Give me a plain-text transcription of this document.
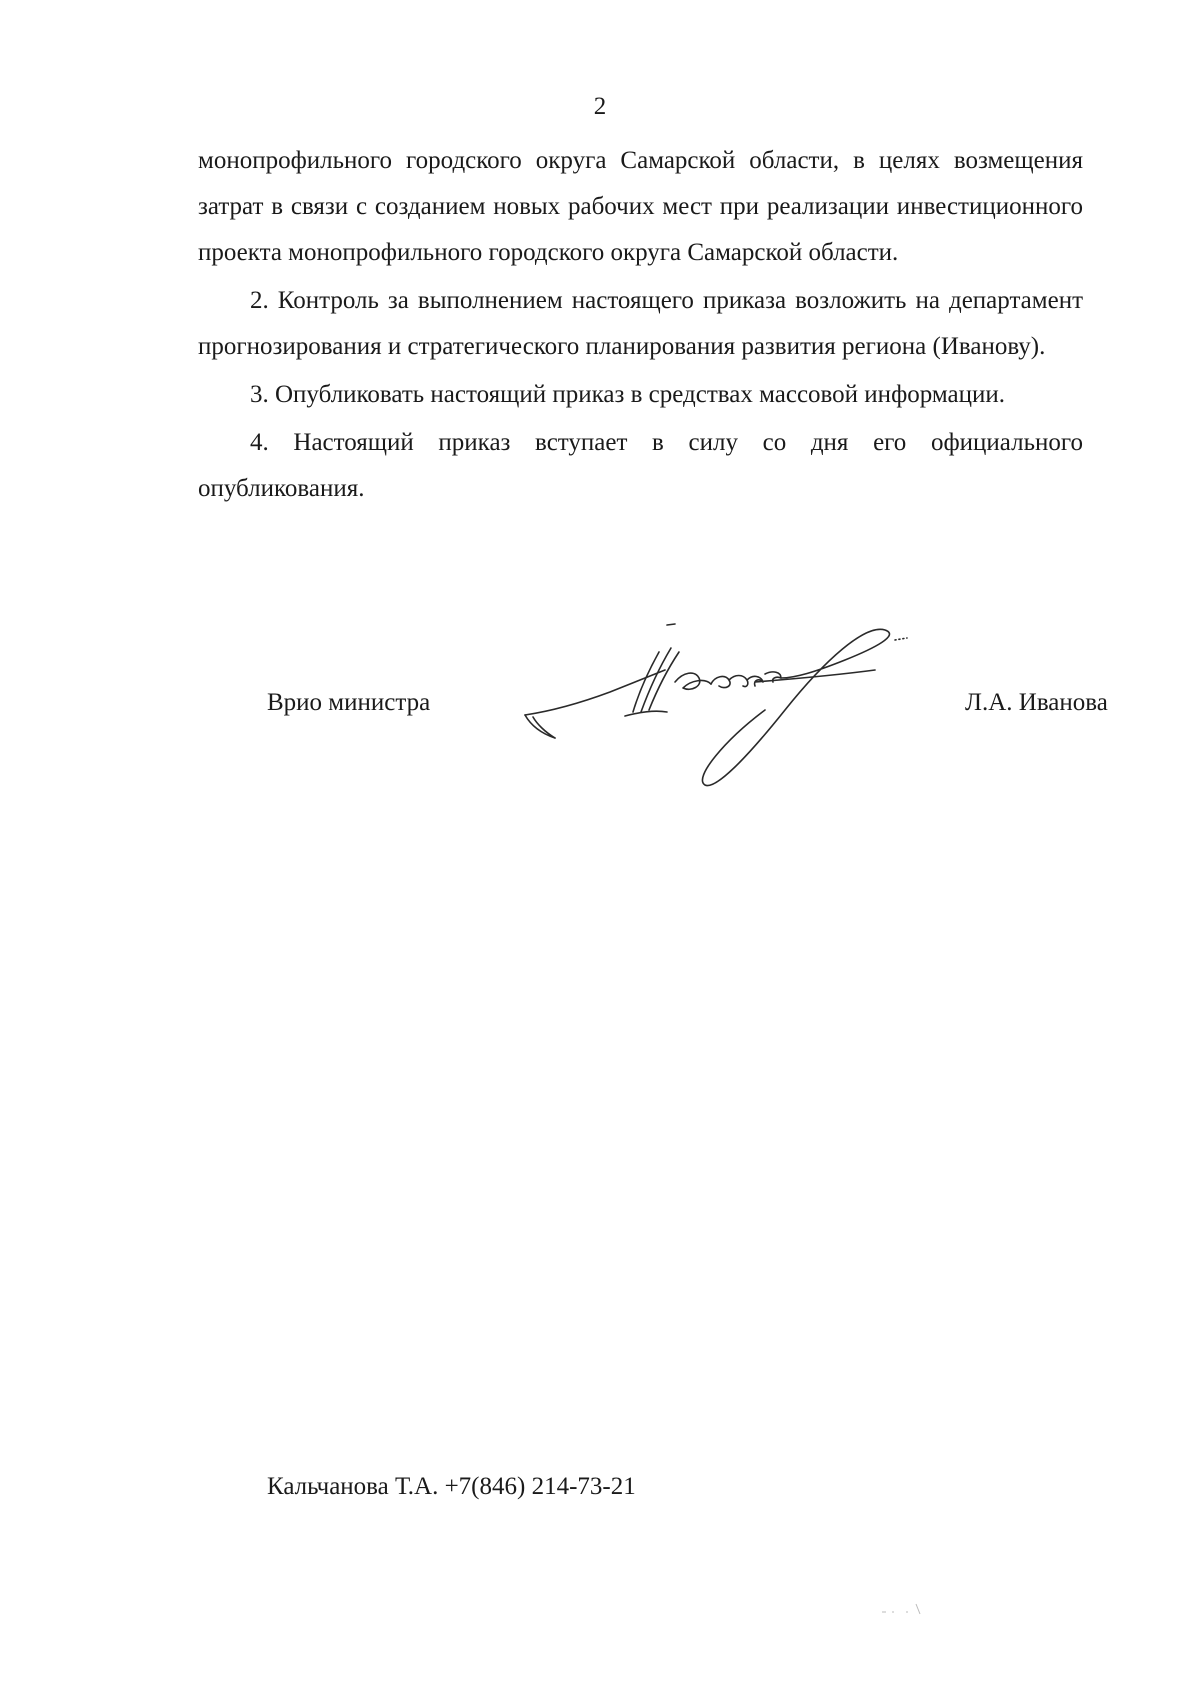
2

монопрофильного городского округа Самарской области, в целях возмещения затрат в связи с созданием новых рабочих мест при реализации инвестиционного проекта монопрофильного городского округа Самарской области.

2. Контроль за выполнением настоящего приказа возложить на департамент прогнозирования и стратегического планирования развития региона (Иванову).

3. Опубликовать настоящий приказ в средствах массовой информации.

4. Настоящий приказ вступает в силу со дня его официального опубликования.

Врио министра	Л.А. Иванова
Кальчанова Т.А. +7(846) 214-73-21
